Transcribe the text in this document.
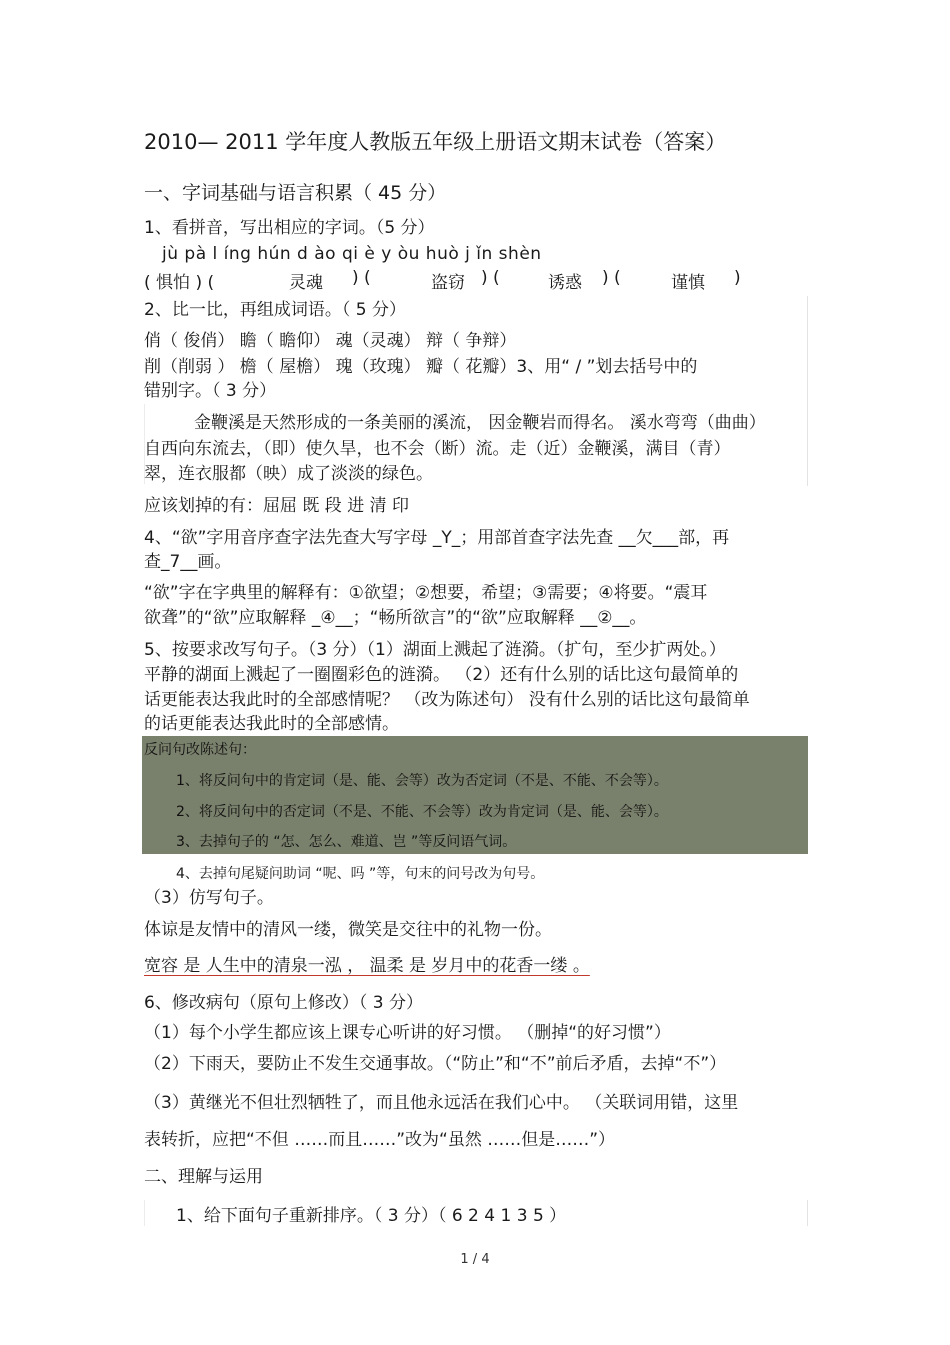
2010— 2011 学年度人教版五年级上册语文期末试卷（答案）
一、字词基础与语言积累（ 45 分）
1、看拼音，写出相应的字词。（5 分）
jù pà l íng hún d ào qi è y òu huò j ǐn shèn
( 惧怕 ) (	灵魂 ) (	盗窃 ) (	诱惑 ) (	谨慎 )
2、比一比，再组成词语。（ 5 分）
俏（ 俊俏） 瞻（ 瞻仰） 魂（灵魂） 辩（ 争辩）
削（削弱 ） 檐（ 屋檐） 瑰（玫瑰） 瓣（ 花瓣）3、用“ / ”划去括号中的
错别字。（ 3 分）
金鞭溪是天然形成的一条美丽的溪流， 因金鞭岩而得名。 溪水弯弯（曲曲）
自西向东流去，（即）使久旱，也不会（断）流。走（近）金鞭溪，满目（青）
翠，连衣服都（映）成了淡淡的绿色。
应该划掉的有：屈屈 既 段 进 清 印
4、“欲”字用音序查字法先查大写字母 _Y_；用部首查字法先查 __欠___部，再
查_7__画。
“欲”字在字典里的解释有：①欲望；②想要，希望；③需要；④将要。“震耳
欲聋”的“欲”应取解释 _④__；“畅所欲言”的“欲”应取解释 __②__。
5、按要求改写句子。（3 分）（1）湖面上溅起了涟漪。（扩句，至少扩两处。）
平静的湖面上溅起了一圈圈彩色的涟漪。 （2）还有什么别的话比这句最简单的
话更能表达我此时的全部感情呢？ （改为陈述句） 没有什么别的话比这句最简单
的话更能表达我此时的全部感情。
反问句改陈述句：
1、将反问句中的肯定词（是、能、会等）改为否定词（不是、不能、不会等）。
2、将反问句中的否定词（不是、不能、不会等）改为肯定词（是、能、会等）。
3、去掉句子的 “怎、怎么、难道、岂 ”等反问语气词。
4、去掉句尾疑问助词 “呢、吗 ”等，句末的问号改为句号。
（3）仿写句子。
体谅是友情中的清风一缕，微笑是交往中的礼物一份。
宽容 是 人生中的清泉一泓 ， 温柔 是 岁月中的花香一缕 。
6、修改病句（原句上修改）（ 3 分）
（1）每个小学生都应该上课专心听讲的好习惯。 （删掉“的好习惯”）
（2）下雨天，要防止不发生交通事故。（“防止”和“不”前后矛盾，去掉“不”）
（3）黄继光不但壮烈牺牲了，而且他永远活在我们心中。 （关联词用错，这里
表转折，应把“不但 ……而且……”改为“虽然 ……但是……”）
二、理解与运用
1、给下面句子重新排序。（ 3 分）（ 6 2 4 1 3 5 ）
1 / 4
